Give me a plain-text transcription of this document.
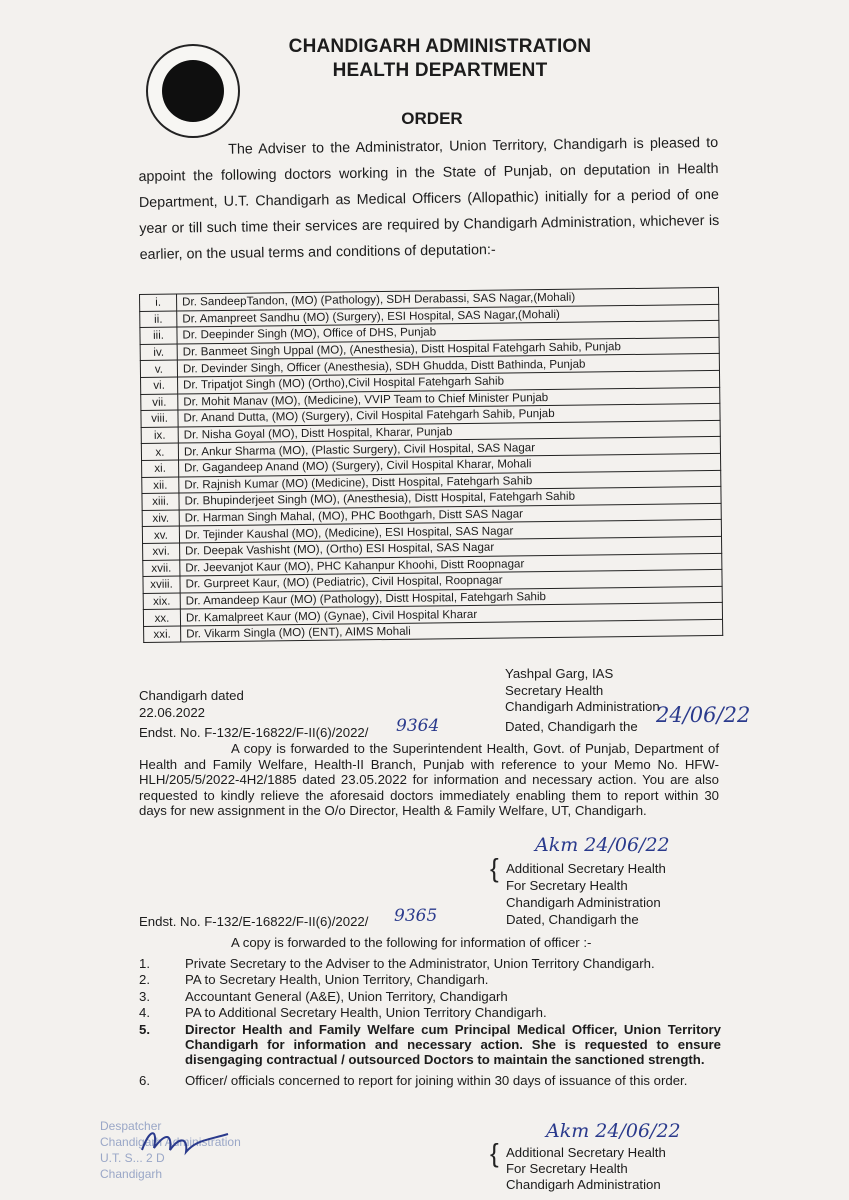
CHANDIGARH ADMINISTRATION
HEALTH DEPARTMENT
ORDER
The Adviser to the Administrator, Union Territory, Chandigarh is pleased to appoint the following doctors working in the State of Punjab, on deputation in Health Department, U.T. Chandigarh as Medical Officers (Allopathic) initially for a period of one year or till such time their services are required by Chandigarh Administration, whichever is earlier, on the usual terms and conditions of deputation:-
i.	Dr. SandeepTandon, (MO) (Pathology), SDH Derabassi, SAS Nagar,(Mohali)
ii.	Dr. Amanpreet Sandhu (MO) (Surgery), ESI Hospital, SAS Nagar,(Mohali)
iii.	Dr. Deepinder Singh (MO), Office of DHS, Punjab
iv.	Dr. Banmeet Singh Uppal (MO), (Anesthesia), Distt Hospital Fatehgarh Sahib, Punjab
v.	Dr. Devinder Singh, Officer (Anesthesia), SDH Ghudda, Distt Bathinda, Punjab
vi.	Dr. Tripatjot Singh (MO) (Ortho),Civil Hospital Fatehgarh Sahib
vii.	Dr. Mohit Manav (MO), (Medicine), VVIP Team to Chief Minister Punjab
viii.	Dr. Anand Dutta, (MO) (Surgery), Civil Hospital Fatehgarh Sahib, Punjab
ix.	Dr. Nisha Goyal (MO), Distt Hospital, Kharar, Punjab
x.	Dr. Ankur Sharma (MO), (Plastic Surgery), Civil Hospital, SAS Nagar
xi.	Dr. Gagandeep Anand (MO) (Surgery), Civil Hospital Kharar, Mohali
xii.	Dr. Rajnish Kumar (MO) (Medicine), Distt Hospital, Fatehgarh Sahib
xiii.	Dr. Bhupinderjeet Singh (MO), (Anesthesia), Distt Hospital, Fatehgarh Sahib
xiv.	Dr. Harman Singh Mahal, (MO), PHC Boothgarh, Distt SAS Nagar
xv.	Dr. Tejinder Kaushal (MO), (Medicine), ESI Hospital, SAS Nagar
xvi.	Dr. Deepak Vashisht (MO), (Ortho) ESI Hospital, SAS Nagar
xvii.	Dr. Jeevanjot Kaur (MO), PHC Kahanpur Khoohi, Distt Roopnagar
xviii.	Dr. Gurpreet Kaur, (MO) (Pediatric), Civil Hospital, Roopnagar
xix.	Dr. Amandeep Kaur (MO) (Pathology), Distt Hospital, Fatehgarh Sahib
xx.	Dr. Kamalpreet Kaur (MO) (Gynae), Civil Hospital Kharar
xxi.	Dr. Vikarm Singla (MO) (ENT), AIMS Mohali
Yashpal Garg, IAS
Secretary Health
Chandigarh Administration
Chandigarh dated
22.06.2022
Endst. No. F-132/E-16822/F-II(6)/2022/ 9364	Dated, Chandigarh the 24/06/22
A copy is forwarded to the Superintendent Health, Govt. of Punjab, Department of Health and Family Welfare, Health-II Branch, Punjab with reference to your Memo No. HFW-HLH/205/5/2022-4H2/1885 dated 23.05.2022 for information and necessary action. You are also requested to kindly relieve the aforesaid doctors immediately enabling them to report within 30 days for new assignment in the O/o Director, Health & Family Welfare, UT, Chandigarh.
Akm 24/06/22
{ Additional Secretary Health
For Secretary Health
Chandigarh Administration
Dated, Chandigarh the
Endst. No. F-132/E-16822/F-II(6)/2022/ 9365
A copy is forwarded to the following for information of officer :-
1.	Private Secretary to the Adviser to the Administrator, Union Territory Chandigarh.
2.	PA to Secretary Health, Union Territory, Chandigarh.
3.	Accountant General (A&E), Union Territory, Chandigarh
4.	PA to Additional Secretary Health, Union Territory Chandigarh.
5.	Director Health and Family Welfare cum Principal Medical Officer, Union Territory Chandigarh for information and necessary action. She is requested to ensure disengaging contractual / outsourced Doctors to maintain the sanctioned strength.
6.	Officer/ officials concerned to report for joining within 30 days of issuance of this order.
Akm 24/06/22
{ Additional Secretary Health
For Secretary Health
Chandigarh Administration
Despatcher
Chandigarh Administration
U.T. S... 2 D
Chandigarh
